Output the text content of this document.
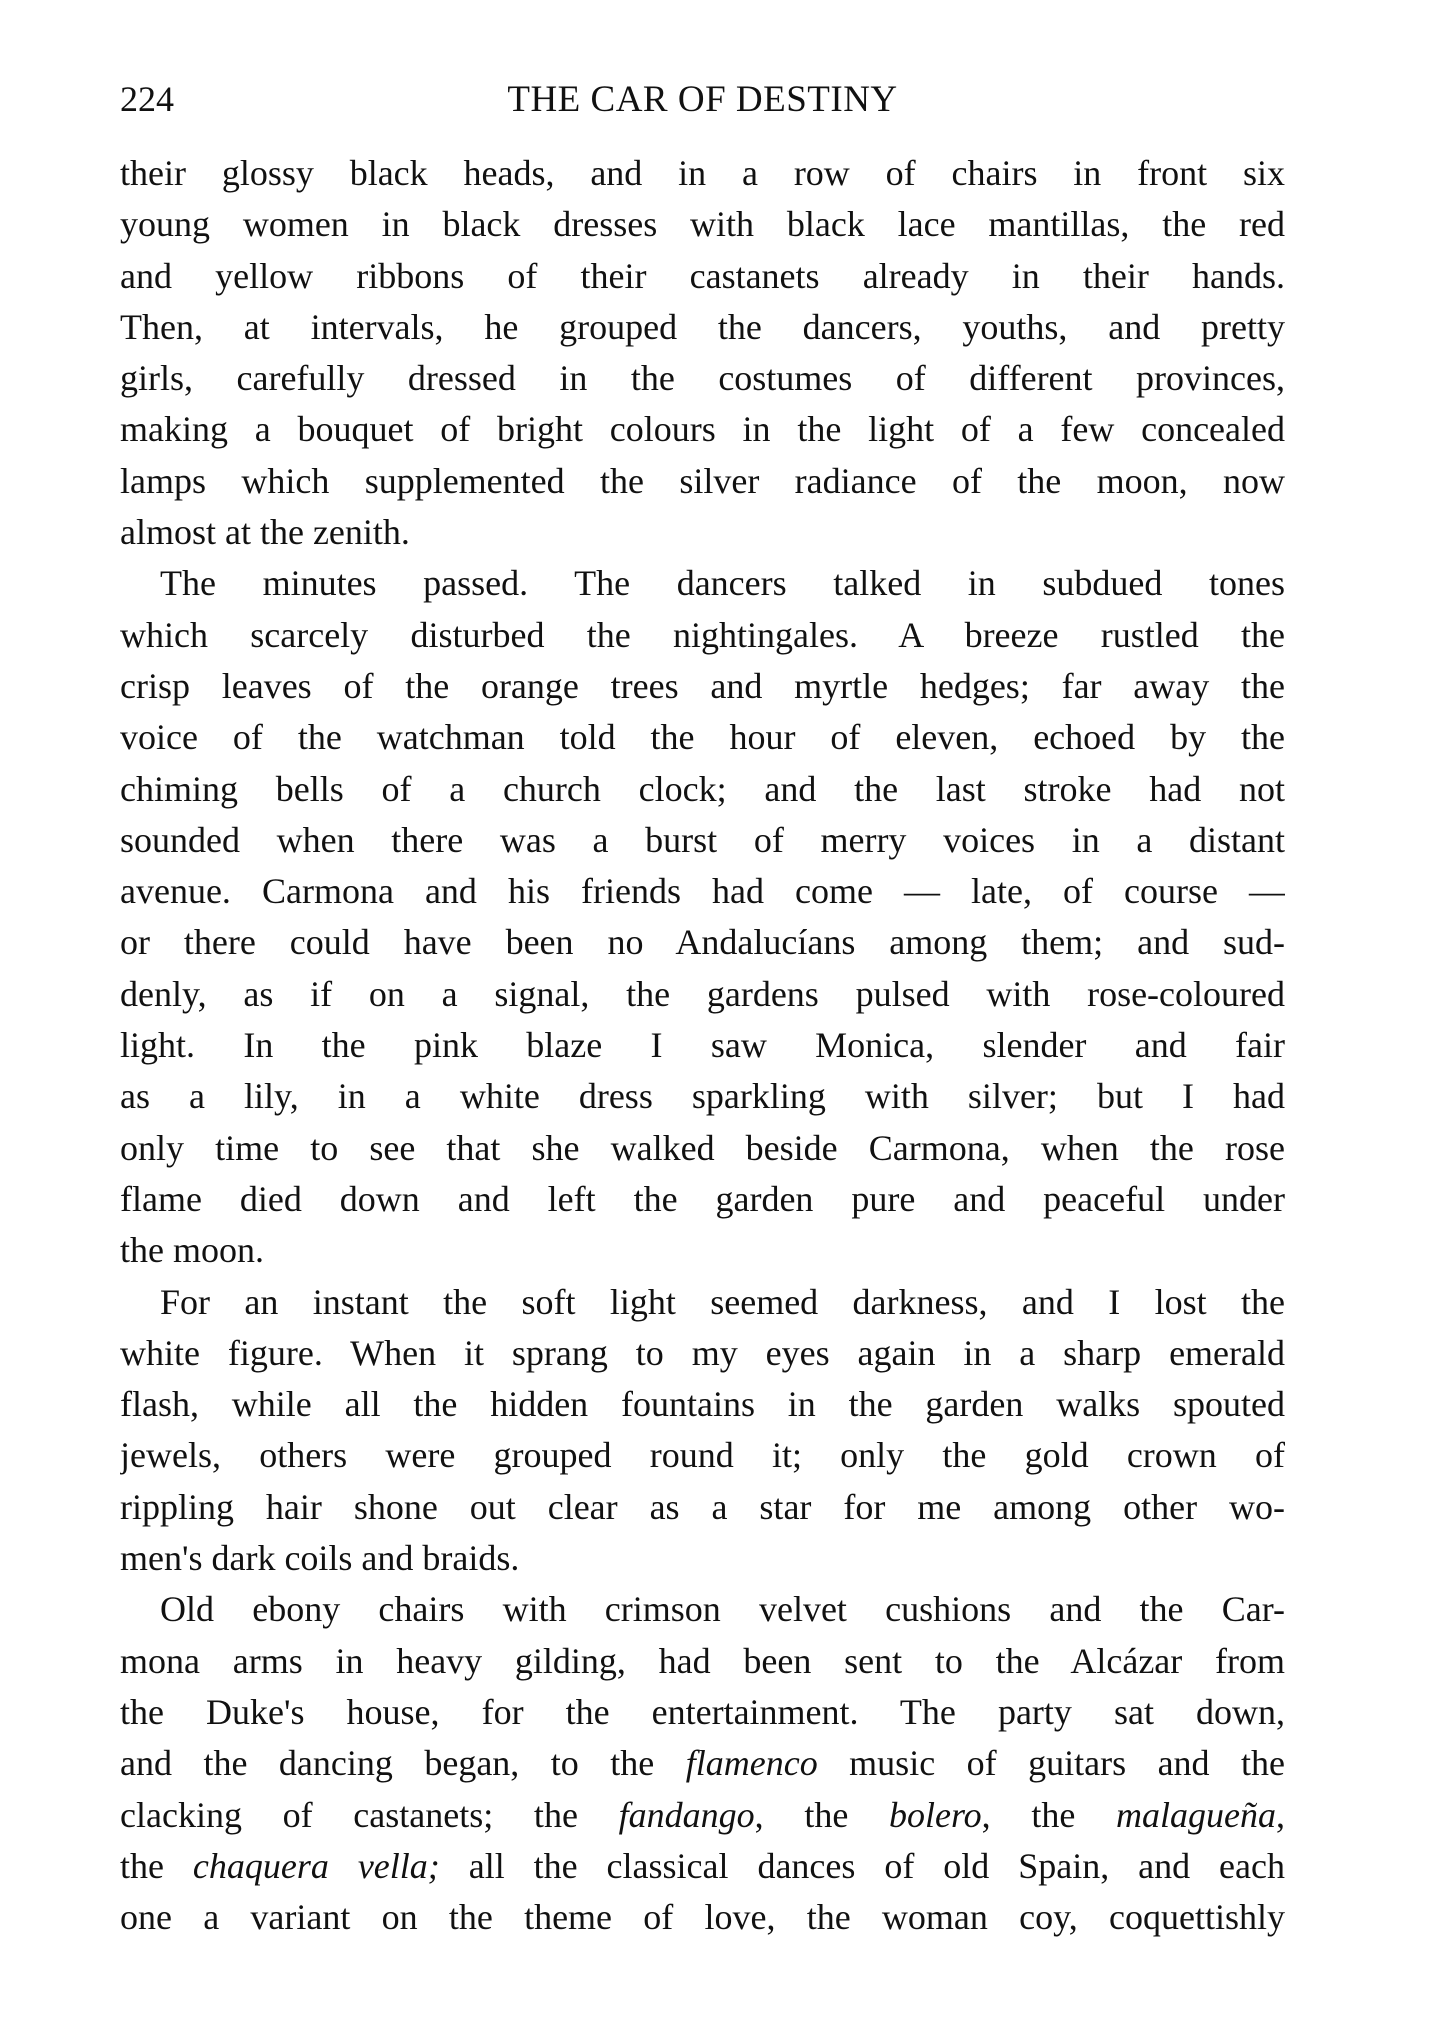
224	THE CAR OF DESTINY
their glossy black heads, and in a row of chairs in front six
young women in black dresses with black lace mantillas, the red
and yellow ribbons of their castanets already in their hands.
Then, at intervals, he grouped the dancers, youths, and pretty
girls, carefully dressed in the costumes of different provinces,
making a bouquet of bright colours in the light of a few concealed
lamps which supplemented the silver radiance of the moon, now
almost at the zenith.
The minutes passed. The dancers talked in subdued tones
which scarcely disturbed the nightingales. A breeze rustled the
crisp leaves of the orange trees and myrtle hedges; far away the
voice of the watchman told the hour of eleven, echoed by the
chiming bells of a church clock; and the last stroke had not
sounded when there was a burst of merry voices in a distant
avenue. Carmona and his friends had come — late, of course —
or there could have been no Andalucíans among them; and sud-
denly, as if on a signal, the gardens pulsed with rose-coloured
light. In the pink blaze I saw Monica, slender and fair
as a lily, in a white dress sparkling with silver; but I had
only time to see that she walked beside Carmona, when the rose
flame died down and left the garden pure and peaceful under
the moon.
For an instant the soft light seemed darkness, and I lost the
white figure. When it sprang to my eyes again in a sharp emerald
flash, while all the hidden fountains in the garden walks spouted
jewels, others were grouped round it; only the gold crown of
rippling hair shone out clear as a star for me among other wo-
men's dark coils and braids.
Old ebony chairs with crimson velvet cushions and the Car-
mona arms in heavy gilding, had been sent to the Alcázar from
the Duke's house, for the entertainment. The party sat down,
and the dancing began, to the flamenco music of guitars and the
clacking of castanets; the fandango, the bolero, the malagueña,
the chaquera vella; all the classical dances of old Spain, and each
one a variant on the theme of love, the woman coy, coquettishly
